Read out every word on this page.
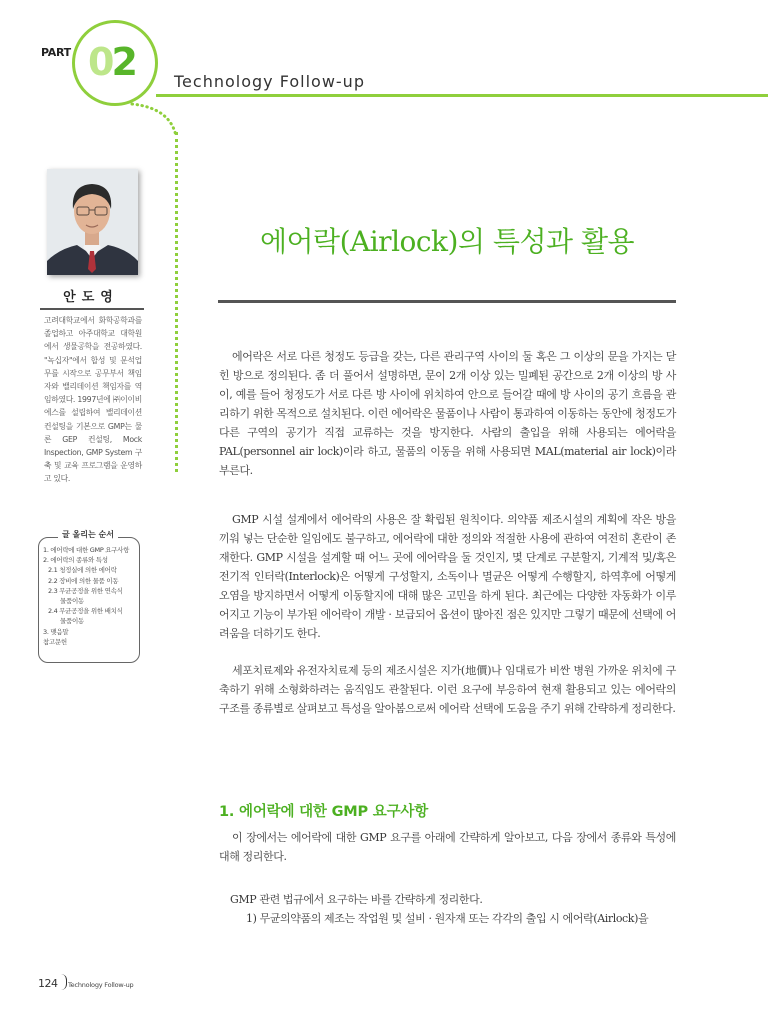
PART 02 Technology Follow-up
안도영
고려대학교에서 화학공학과를 졸업하고 아주대학교 대학원에서 생물공학을 전공하였다. "녹십자"에서 합성 및 문석업무를 시작으로 공무부서 책임자와 밸리데이션 책임자를 역임하였다. 1997년에 ㈜이이비에스를 설립하여 밸리데이션 컨설팅을 기본으로 GMP는 물론 GEP 컨설팅, Mock Inspection, GMP System 구축 및 교육 프로그램을 운영하고 있다.
글 올리는 순서
1. 에어락에 대한 GMP 요구사항
2. 에어락의 종류와 특성
2.1 청정실에 의한 에어락
2.2 장비에 의한 물품 이동
2.3 무균공정을 위한 연속식
물품이동
2.4 무균공정을 위한 배치식
물품이동
3. 맺음말
참고문헌
에어락(Airlock)의 특성과 활용

에어락은 서로 다른 청정도 등급을 갖는, 다른 관리구역 사이의 둘 혹은 그 이상의 문을 가지는 닫힌 방으로 정의된다. 좀 더 풀어서 설명하면, 문이 2개 이상 있는 밀폐된 공간으로 2개 이상의 방 사이, 예를 들어 청정도가 서로 다른 방 사이에 위치하여 안으로 들어갈 때에 방 사이의 공기 흐름을 관리하기 위한 목적으로 설치된다. 이런 에어락은 물품이나 사람이 통과하여 이동하는 동안에 청정도가 다른 구역의 공기가 직접 교류하는 것을 방지한다. 사람의 출입을 위해 사용되는 에어락을 PAL(personnel air lock)이라 하고, 물품의 이동을 위해 사용되면 MAL(material air lock)이라 부른다.

GMP 시설 설계에서 에어락의 사용은 잘 확립된 원칙이다. 의약품 제조시설의 계획에 작은 방을 끼워 넣는 단순한 일임에도 불구하고, 에어락에 대한 정의와 적절한 사용에 관하여 여전히 혼란이 존재한다. GMP 시설을 설계할 때 어느 곳에 에어락을 둘 것인지, 몇 단계로 구분할지, 기계적 및/혹은 전기적 인터락(Interlock)은 어떻게 구성할지, 소독이나 멸균은 어떻게 수행할지, 하역후에 어떻게 오염을 방지하면서 어떻게 이동할지에 대해 많은 고민을 하게 된다. 최근에는 다양한 자동화가 이루어지고 기능이 부가된 에어락이 개발 · 보급되어 옵션이 많아진 점은 있지만 그렇기 때문에 선택에 어려움을 더하기도 한다.

세포치료제와 유전자치료제 등의 제조시설은 지가(地價)나 임대료가 비싼 병원 가까운 위치에 구축하기 위해 소형화하려는 움직임도 관찰된다. 이런 요구에 부응하여 현재 활용되고 있는 에어락의 구조를 종류별로 살펴보고 특성을 알아봄으로써 에어락 선택에 도움을 주기 위해 간략하게 정리한다.

1. 에어락에 대한 GMP 요구사항

이 장에서는 에어락에 대한 GMP 요구를 아래에 간략하게 알아보고, 다음 장에서 종류와 특성에 대해 정리한다.

GMP 관련 법규에서 요구하는 바를 간략하게 정리한다.
1) 무균의약품의 제조는 작업원 및 설비 · 원자재 또는 각각의 출입 시 에어락(Airlock)을
124 Technology Follow-up
